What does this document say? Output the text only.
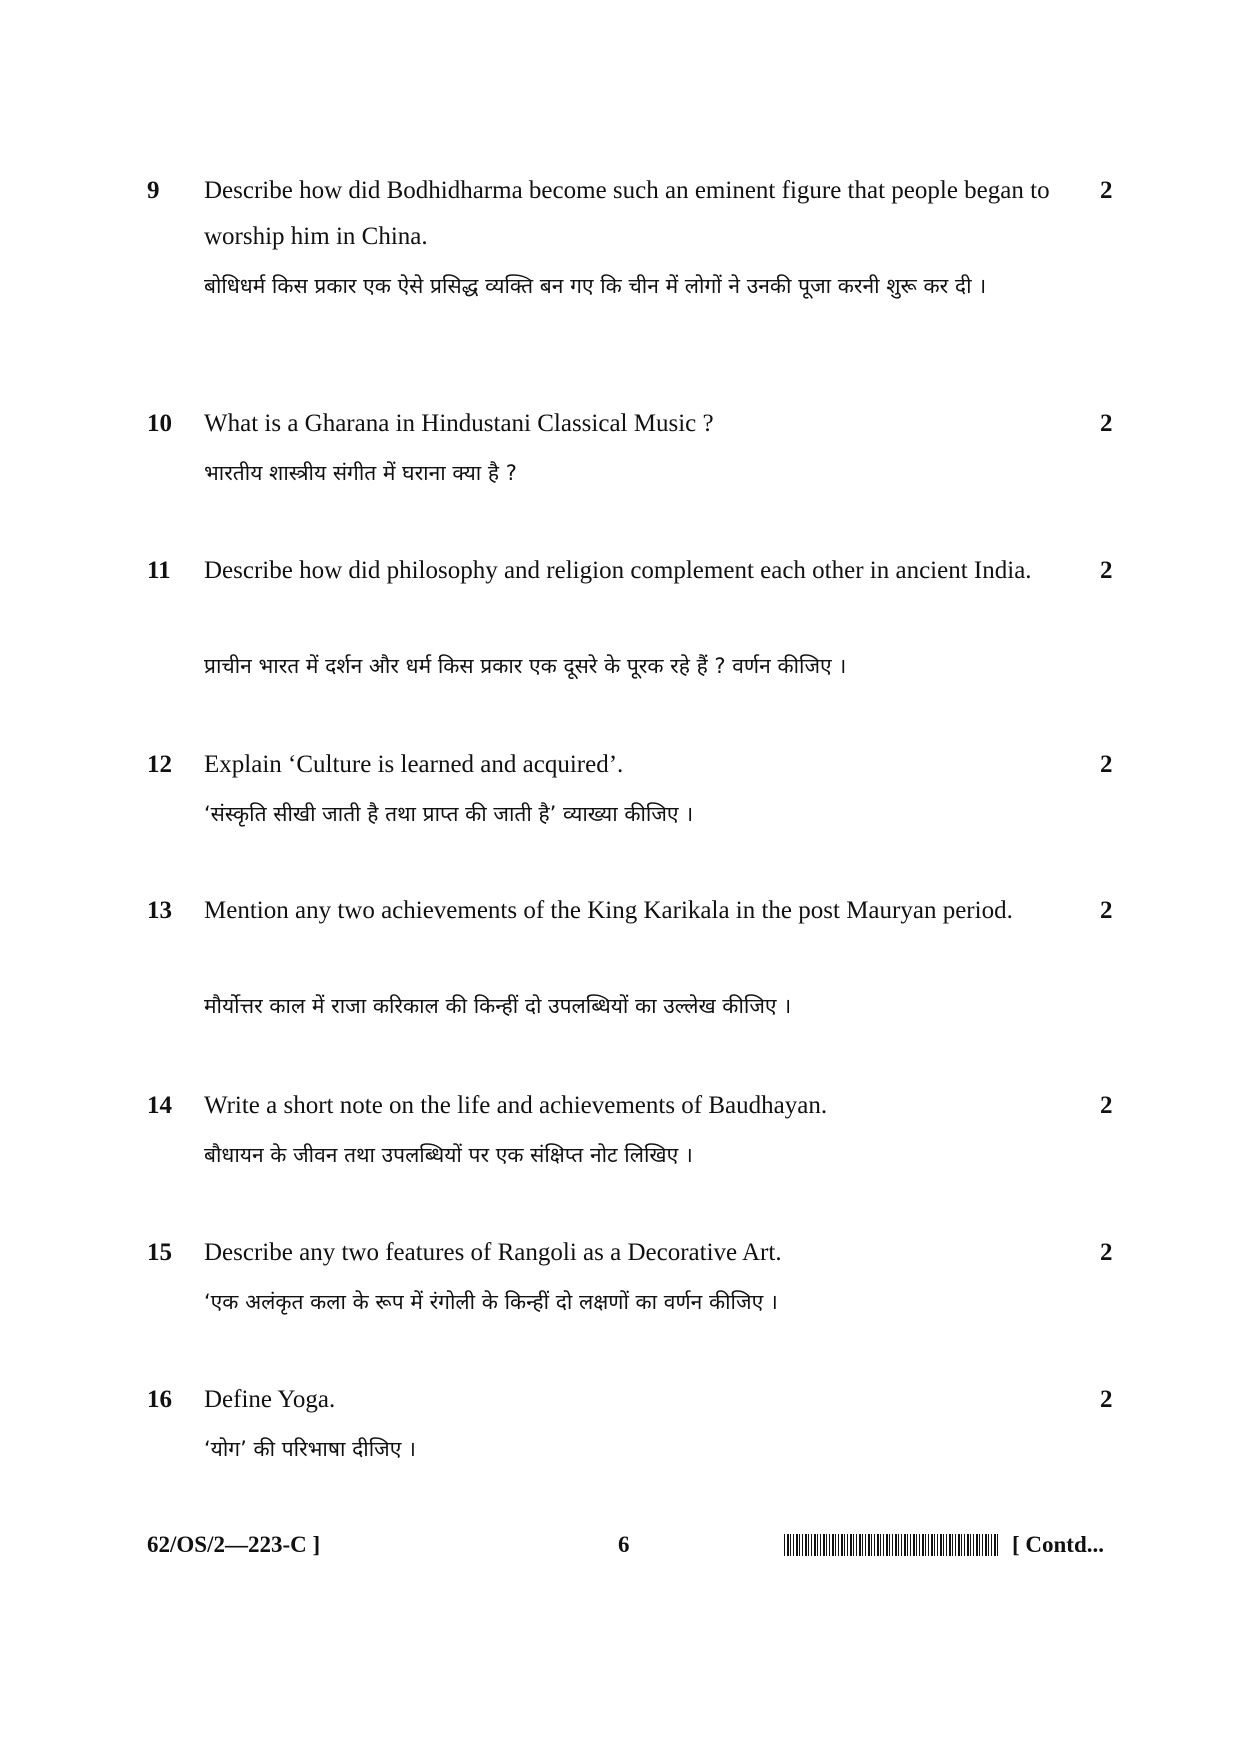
9 Describe how did Bodhidharma become such an eminent figure that people began to worship him in China.

बोधिधर्म किस प्रकार एक ऐसे प्रसिद्ध व्यक्ति बन गए कि चीन में लोगों ने उनकी पूजा करनी शुरू कर दी ।

2
10 What is a Gharana in Hindustani Classical Music ?

भारतीय शास्त्रीय संगीत में घराना क्या है ?

2
11 Describe how did philosophy and religion complement each other in ancient India.

प्राचीन भारत में दर्शन और धर्म किस प्रकार एक दूसरे के पूरक रहे हैं ? वर्णन कीजिए ।

2
12 Explain ‘Culture is learned and acquired’.

‘संस्कृति सीखी जाती है तथा प्राप्त की जाती है’ व्याख्या कीजिए ।

2
13 Mention any two achievements of the King Karikala in the post Mauryan period.

मौर्योत्तर काल में राजा करिकाल की किन्हीं दो उपलब्धियों का उल्लेख कीजिए ।

2
14 Write a short note on the life and achievements of Baudhayan.

बौधायन के जीवन तथा उपलब्धियों पर एक संक्षिप्त नोट लिखिए ।

2
15 Describe any two features of Rangoli as a Decorative Art.

‘एक अलंकृत कला के रूप में रंगोली के किन्हीं दो लक्षणों का वर्णन कीजिए ।

2
16 Define Yoga.

‘योग’ की परिभाषा दीजिए ।

2
62/OS/2—223-C ]	6	[ Contd...
